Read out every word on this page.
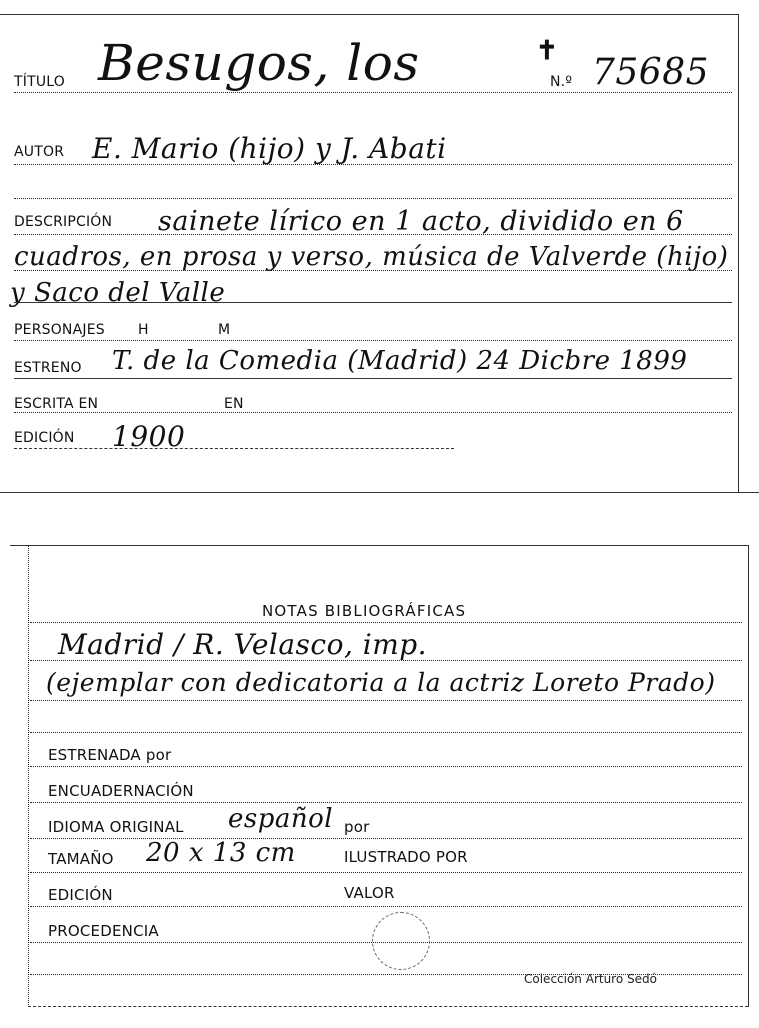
TÍTULO Besugos, los	✝
N.º 75685
AUTOR E. Mario (hijo) y J. Abati
DESCRIPCIÓN sainete lírico en 1 acto, dividido en 6
cuadros, en prosa y verso, música de Valverde (hijo)
y Saco del Valle
PERSONAJES H	M
ESTRENO T. de la Comedia (Madrid) 24 Dicbre 1899
ESCRITA EN	EN
EDICIÓN 1900
NOTAS BIBLIOGRÁFICAS
Madrid / R. Velasco, imp.
(ejemplar con dedicatoria a la actriz Loreto Prado)
ESTRENADA por
ENCUADERNACIÓN
IDIOMA ORIGINAL español por
TAMAÑO 20 x 13 cm	ILUSTRADO POR
EDICIÓN	VALOR
PROCEDENCIA
Colección Arturo Sedó
